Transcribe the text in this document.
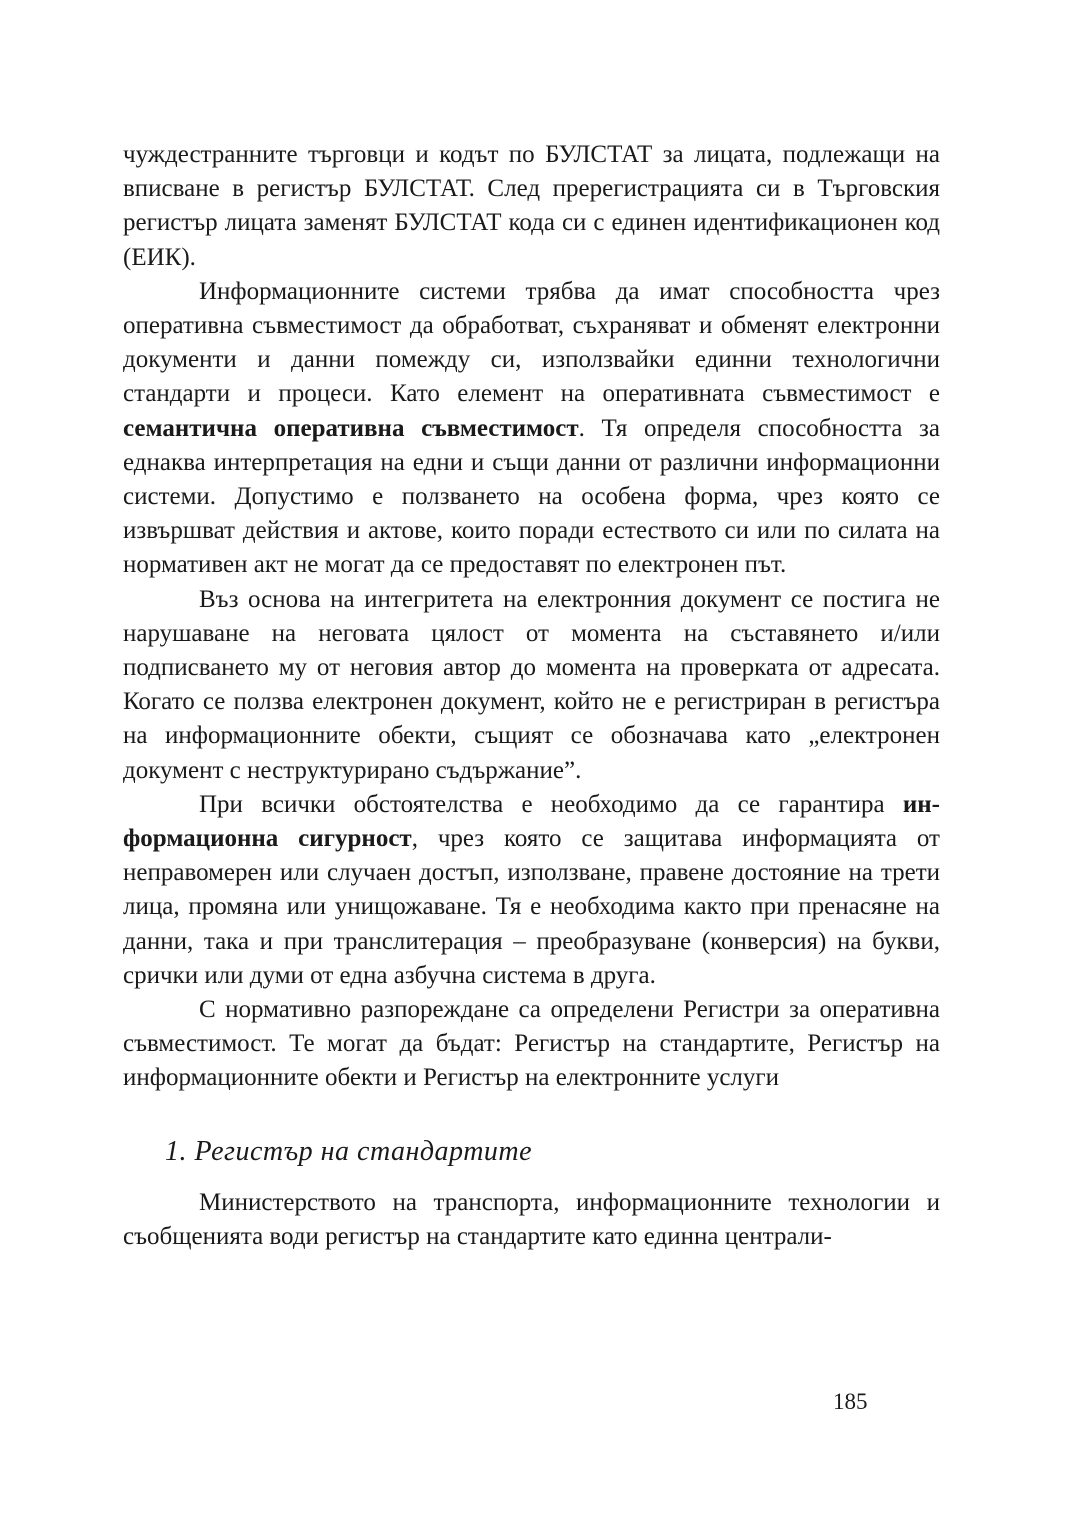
чуждестранните търговци и кодът по БУЛСТАТ за лицата, подлежащи на вписване в регистър БУЛСТАТ. След пререгистрацията си в Търговския регистър лицата заменят БУЛСТАТ кода си с единен идентификационен код (ЕИК).

Информационните системи трябва да имат способността чрез оперативна съвместимост да обработват, съхраняват и обменят електронни документи и данни помежду си, използвайки единни технологични стандарти и процеси. Като елемент на оперативната съвместимост е семантична оперативна съвместимост. Тя определя способността за еднаква интерпретация на едни и същи данни от различни информационни системи. Допустимо е ползването на особена форма, чрез която се извършват действия и актове, които поради естеството си или по силата на нормативен акт не могат да се предоставят по електронен път.

Въз основа на интегритета на електронния документ се постига не нарушаване на неговата цялост от момента на съставянето и/или подписването му от неговия автор до момента на проверката от адресата. Когато се ползва електронен документ, който не е регистриран в регистъра на информационните обекти, същият се обозначава като „електронен документ с неструктурирано съдържание”.

При всички обстоятелства е необходимо да се гарантира информационна сигурност, чрез която се защитава информацията от неправомерен или случаен достъп, използване, правене достояние на трети лица, промяна или унищожаване. Тя е необходима както при пренасяне на данни, така и при транслитерация – преобразуване (конверсия) на букви, срички или думи от една азбучна система в друга.

С нормативно разпореждане са определени Регистри за оперативна съвместимост. Те могат да бъдат: Регистър на стандартите, Регистър на информационните обекти и Регистър на електронните услуги

1. Регистър на стандартите

Министерството на транспорта, информационните технологии и съобщенията води регистър на стандартите като единна централи-

185
